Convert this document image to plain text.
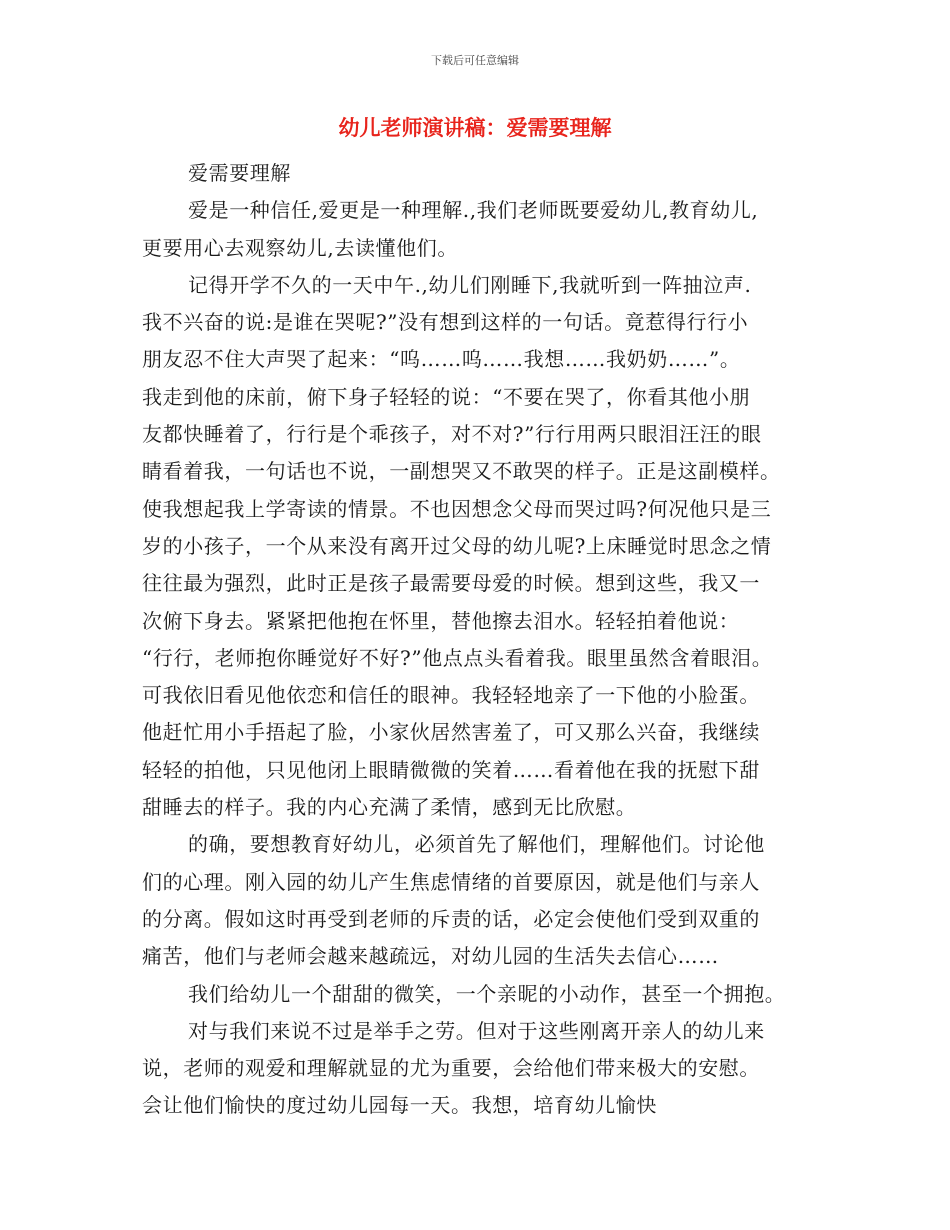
下载后可任意编辑
幼儿老师演讲稿：爱需要理解
爱需要理解
爱是一种信任,爱更是一种理解.,我们老师既要爱幼儿,教育幼儿,
更要用心去观察幼儿,去读懂他们。
记得开学不久的一天中午.,幼儿们刚睡下,我就听到一阵抽泣声.
我不兴奋的说:是谁在哭呢?”没有想到这样的一句话。竟惹得行行小
朋友忍不住大声哭了起来：“呜……呜……我想……我奶奶……”。
我走到他的床前，俯下身子轻轻的说：“不要在哭了，你看其他小朋
友都快睡着了，行行是个乖孩子，对不对?”行行用两只眼泪汪汪的眼
睛看着我，一句话也不说，一副想哭又不敢哭的样子。正是这副模样。
使我想起我上学寄读的情景。不也因想念父母而哭过吗?何况他只是三
岁的小孩子，一个从来没有离开过父母的幼儿呢?上床睡觉时思念之情
往往最为强烈，此时正是孩子最需要母爱的时候。想到这些，我又一
次俯下身去。紧紧把他抱在怀里，替他擦去泪水。轻轻拍着他说：
“行行，老师抱你睡觉好不好?”他点点头看着我。眼里虽然含着眼泪。
可我依旧看见他依恋和信任的眼神。我轻轻地亲了一下他的小脸蛋。
他赶忙用小手捂起了脸，小家伙居然害羞了，可又那么兴奋，我继续
轻轻的拍他，只见他闭上眼睛微微的笑着……看着他在我的抚慰下甜
甜睡去的样子。我的内心充满了柔情，感到无比欣慰。
的确，要想教育好幼儿，必须首先了解他们，理解他们。讨论他
们的心理。刚入园的幼儿产生焦虑情绪的首要原因，就是他们与亲人
的分离。假如这时再受到老师的斥责的话，必定会使他们受到双重的
痛苦，他们与老师会越来越疏远，对幼儿园的生活失去信心……
我们给幼儿一个甜甜的微笑，一个亲昵的小动作，甚至一个拥抱。
对与我们来说不过是举手之劳。但对于这些刚离开亲人的幼儿来
说，老师的观爱和理解就显的尤为重要，会给他们带来极大的安慰。
会让他们愉快的度过幼儿园每一天。我想，培育幼儿愉快
